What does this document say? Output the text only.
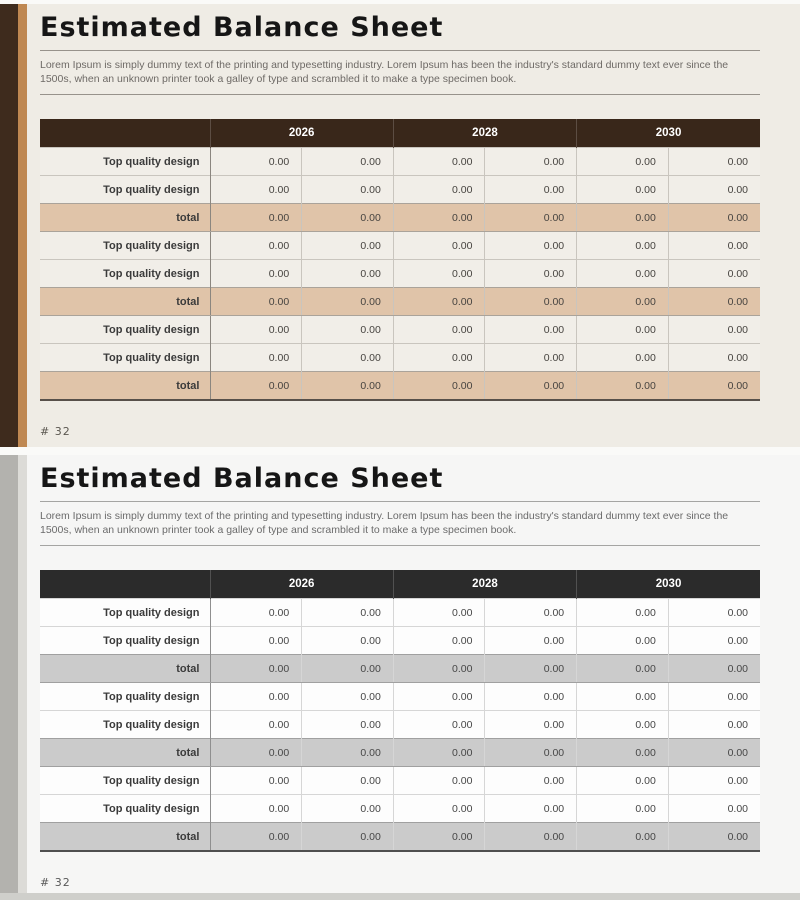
Estimated Balance Sheet

Lorem Ipsum is simply dummy text of the printing and typesetting industry. Lorem Ipsum has been the industry's standard dummy text ever since the 1500s, when an unknown printer took a galley of type and scrambled it to make a type specimen book.

	2026		2028		2030	
Top quality design	0.00	0.00	0.00	0.00	0.00	0.00
Top quality design	0.00	0.00	0.00	0.00	0.00	0.00
total	0.00	0.00	0.00	0.00	0.00	0.00
Top quality design	0.00	0.00	0.00	0.00	0.00	0.00
Top quality design	0.00	0.00	0.00	0.00	0.00	0.00
total	0.00	0.00	0.00	0.00	0.00	0.00
Top quality design	0.00	0.00	0.00	0.00	0.00	0.00
Top quality design	0.00	0.00	0.00	0.00	0.00	0.00
total	0.00	0.00	0.00	0.00	0.00	0.00
# 32
Estimated Balance Sheet

Lorem Ipsum is simply dummy text of the printing and typesetting industry. Lorem Ipsum has been the industry's standard dummy text ever since the 1500s, when an unknown printer took a galley of type and scrambled it to make a type specimen book.

	2026		2028		2030	
Top quality design	0.00	0.00	0.00	0.00	0.00	0.00
Top quality design	0.00	0.00	0.00	0.00	0.00	0.00
total	0.00	0.00	0.00	0.00	0.00	0.00
Top quality design	0.00	0.00	0.00	0.00	0.00	0.00
Top quality design	0.00	0.00	0.00	0.00	0.00	0.00
total	0.00	0.00	0.00	0.00	0.00	0.00
Top quality design	0.00	0.00	0.00	0.00	0.00	0.00
Top quality design	0.00	0.00	0.00	0.00	0.00	0.00
total	0.00	0.00	0.00	0.00	0.00	0.00
# 32
